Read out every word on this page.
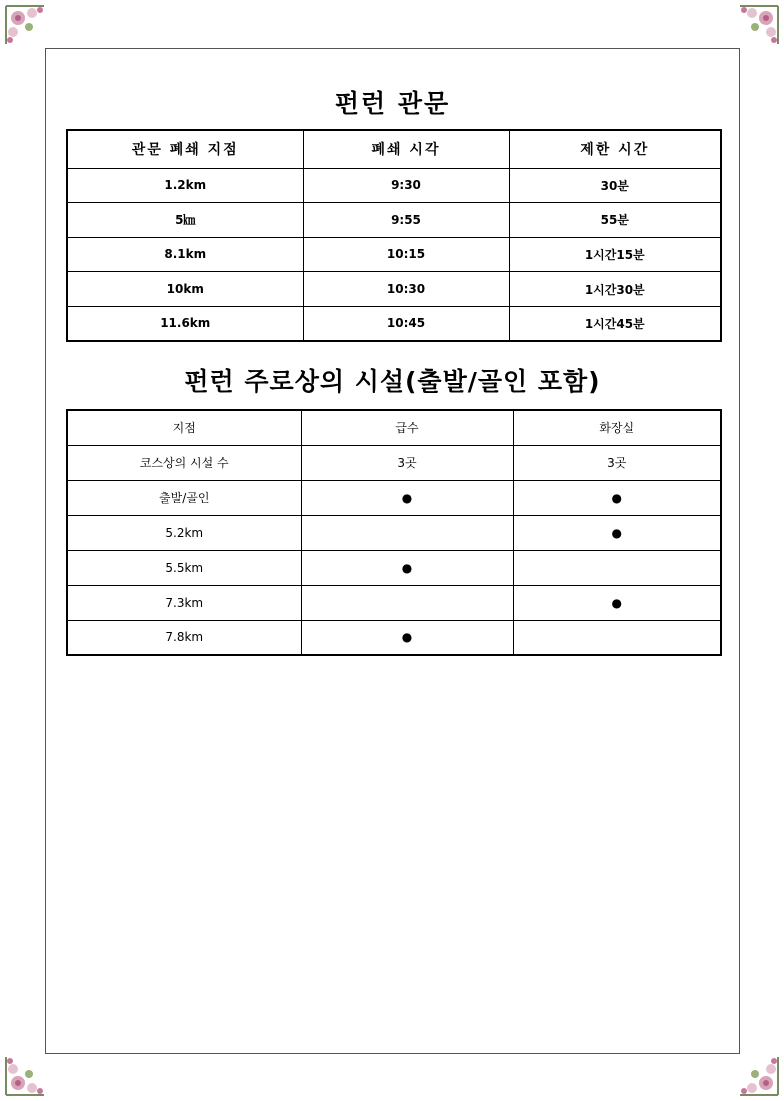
펀런 관문
관문 폐쇄 지점	폐쇄 시각	제한 시간
1.2km	9:30	30분
5㎞	9:55	55분
8.1km	10:15	1시간15분
10km	10:30	1시간30분
11.6km	10:45	1시간45분
펀런 주로상의 시설(출발/골인 포함)
지점	급수	화장실
코스상의 시설 수	3곳	3곳
출발/골인	●	●
5.2km		●
5.5km	●	
7.3km		●
7.8km	●	
